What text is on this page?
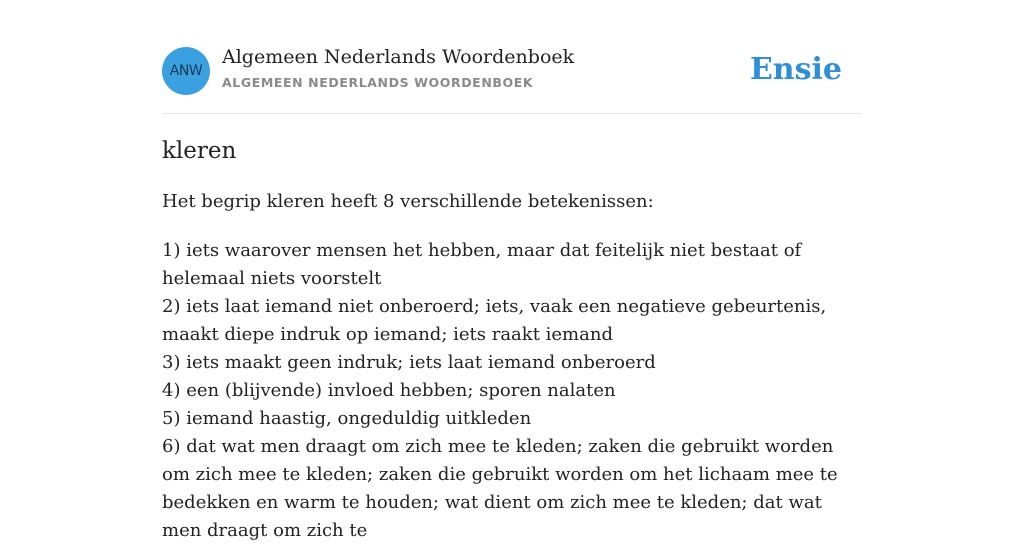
ANW
Algemeen Nederlands Woordenboek
ALGEMEEN NEDERLANDS WOORDENBOEK	Ensie
kleren

Het begrip kleren heeft 8 verschillende betekenissen:

1) iets waarover mensen het hebben, maar dat feitelijk niet bestaat of helemaal niets voorstelt
2) iets laat iemand niet onberoerd; iets, vaak een negatieve gebeurtenis, maakt diepe indruk op iemand; iets raakt iemand
3) iets maakt geen indruk; iets laat iemand onberoerd
4) een (blijvende) invloed hebben; sporen nalaten
5) iemand haastig, ongeduldig uitkleden
6) dat wat men draagt om zich mee te kleden; zaken die gebruikt worden om zich mee te kleden; zaken die gebruikt worden om het lichaam mee te bedekken en warm te houden; wat dient om zich mee te kleden; dat wat men draagt om zich te
